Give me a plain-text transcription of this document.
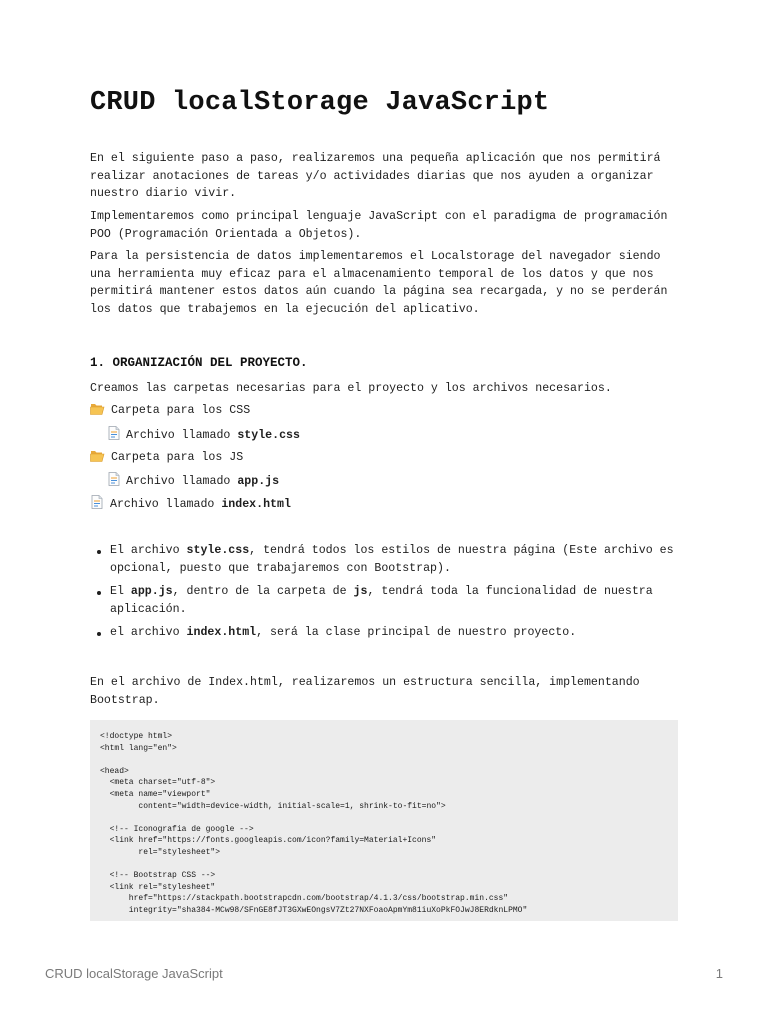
CRUD localStorage JavaScript

En el siguiente paso a paso, realizaremos una pequeña aplicación que nos permitirá realizar anotaciones de tareas y/o actividades diarias que nos ayuden a organizar nuestro diario vivir.

Implementaremos como principal lenguaje JavaScript con el paradigma de programación POO (Programación Orientada a Objetos).

Para la persistencia de datos implementaremos el Localstorage del navegador siendo una herramienta muy eficaz para el almacenamiento temporal de los datos y que nos permitirá mantener estos datos aún cuando la página sea recargada, y no se perderán los datos que trabajemos en la ejecución del aplicativo.

1. ORGANIZACIÓN DEL PROYECTO.

Creamos las carpetas necesarias para el proyecto y los archivos necesarios.

Carpeta para los CSS
Archivo llamado style.css
Carpeta para los JS
Archivo llamado app.js
Archivo llamado index.html
El archivo style.css, tendrá todos los estilos de nuestra página (Este archivo es opcional, puesto que trabajaremos con Bootstrap).
El app.js, dentro de la carpeta de js, tendrá toda la funcionalidad de nuestra aplicación.
el archivo index.html, será la clase principal de nuestro proyecto.

En el archivo de Index.html, realizaremos un estructura sencilla, implementando Bootstrap.

<!doctype html>
<html lang="en">
<head>
<meta charset="utf-8">
<meta name="viewport"
content="width=device-width, initial-scale=1, shrink-to-fit=no">
<!-- Iconografia de google -->
<link href="https://fonts.googleapis.com/icon?family=Material+Icons"
rel="stylesheet">
<!-- Bootstrap CSS -->
<link rel="stylesheet"
href="https://stackpath.bootstrapcdn.com/bootstrap/4.1.3/css/bootstrap.min.css"
integrity="sha384-MCw98/SFnGE8fJT3GXwEOngsV7Zt27NXFoaoApmYm81iuXoPkFOJwJ8ERdknLPMO"
CRUD localStorage JavaScript	1
